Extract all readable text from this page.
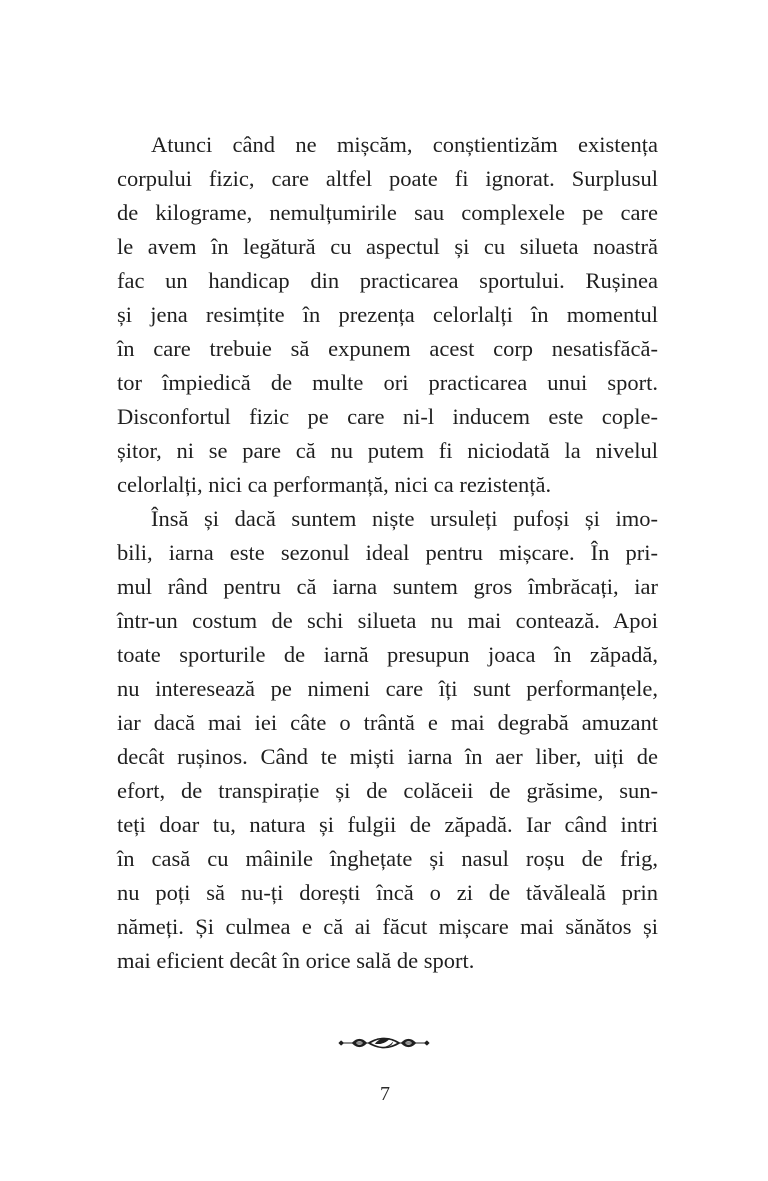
Atunci când ne mișcăm, conștientizăm existența
corpului fizic, care altfel poate fi ignorat. Surplusul
de kilograme, nemulțumirile sau complexele pe care
le avem în legătură cu aspectul și cu silueta noastră
fac un handicap din practicarea sportului. Rușinea
și jena resimțite în prezența celorlalți în momentul
în care trebuie să expunem acest corp nesatisfăcă-
tor împiedică de multe ori practicarea unui sport.
Disconfortul fizic pe care ni-l inducem este cople-
șitor, ni se pare că nu putem fi niciodată la nivelul
celorlalți, nici ca performanță, nici ca rezistență.
Însă și dacă suntem niște ursuleți pufoși și imo-
bili, iarna este sezonul ideal pentru mișcare. În pri-
mul rând pentru că iarna suntem gros îmbrăcați, iar
într-un costum de schi silueta nu mai contează. Apoi
toate sporturile de iarnă presupun joaca în zăpadă,
nu interesează pe nimeni care îți sunt performanțele,
iar dacă mai iei câte o trântă e mai degrabă amuzant
decât rușinos. Când te miști iarna în aer liber, uiți de
efort, de transpirație și de colăceii de grăsime, sun-
teți doar tu, natura și fulgii de zăpadă. Iar când intri
în casă cu mâinile înghețate și nasul roșu de frig,
nu poți să nu-ți dorești încă o zi de tăvăleală prin
nămeți. Și culmea e că ai făcut mișcare mai sănătos și
mai eficient decât în orice sală de sport.
7
